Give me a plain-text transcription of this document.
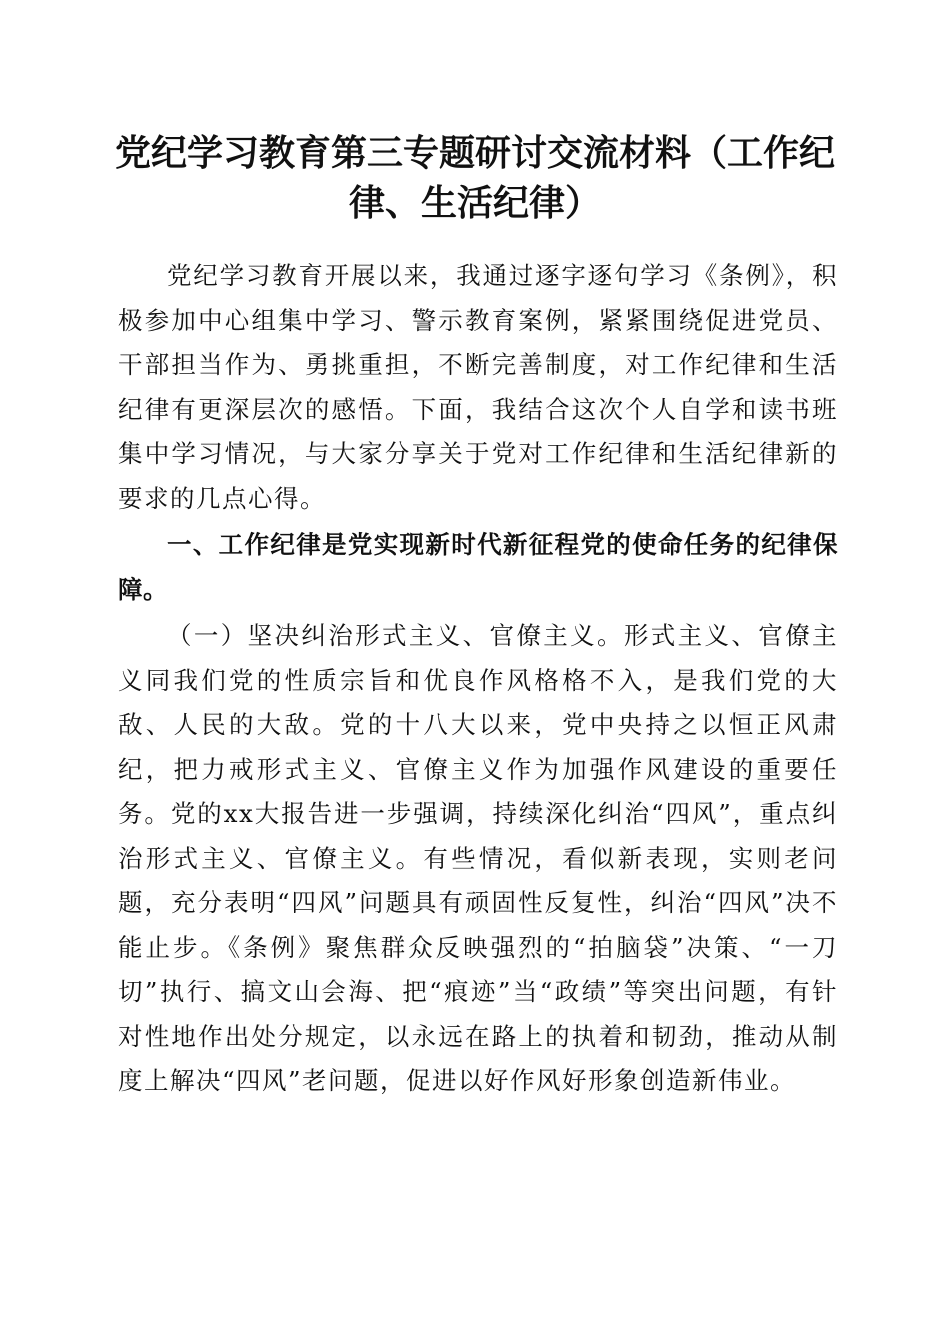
党纪学习教育第三专题研讨交流材料（工作纪律、生活纪律）

党纪学习教育开展以来，我通过逐字逐句学习《条例》，积极参加中心组集中学习、警示教育案例，紧紧围绕促进党员、干部担当作为、勇挑重担，不断完善制度，对工作纪律和生活纪律有更深层次的感悟。下面，我结合这次个人自学和读书班集中学习情况，与大家分享关于党对工作纪律和生活纪律新的要求的几点心得。

一、工作纪律是党实现新时代新征程党的使命任务的纪律保障。

（一）坚决纠治形式主义、官僚主义。形式主义、官僚主义同我们党的性质宗旨和优良作风格格不入，是我们党的大敌、人民的大敌。党的十八大以来，党中央持之以恒正风肃纪，把力戒形式主义、官僚主义作为加强作风建设的重要任务。党的xx大报告进一步强调，持续深化纠治“四风”，重点纠治形式主义、官僚主义。有些情况，看似新表现，实则老问题，充分表明“四风”问题具有顽固性反复性，纠治“四风”决不能止步。《条例》聚焦群众反映强烈的“拍脑袋”决策、“一刀切”执行、搞文山会海、把“痕迹”当“政绩”等突出问题，有针对性地作出处分规定，以永远在路上的执着和韧劲，推动从制度上解决“四风”老问题，促进以好作风好形象创造新伟业。
